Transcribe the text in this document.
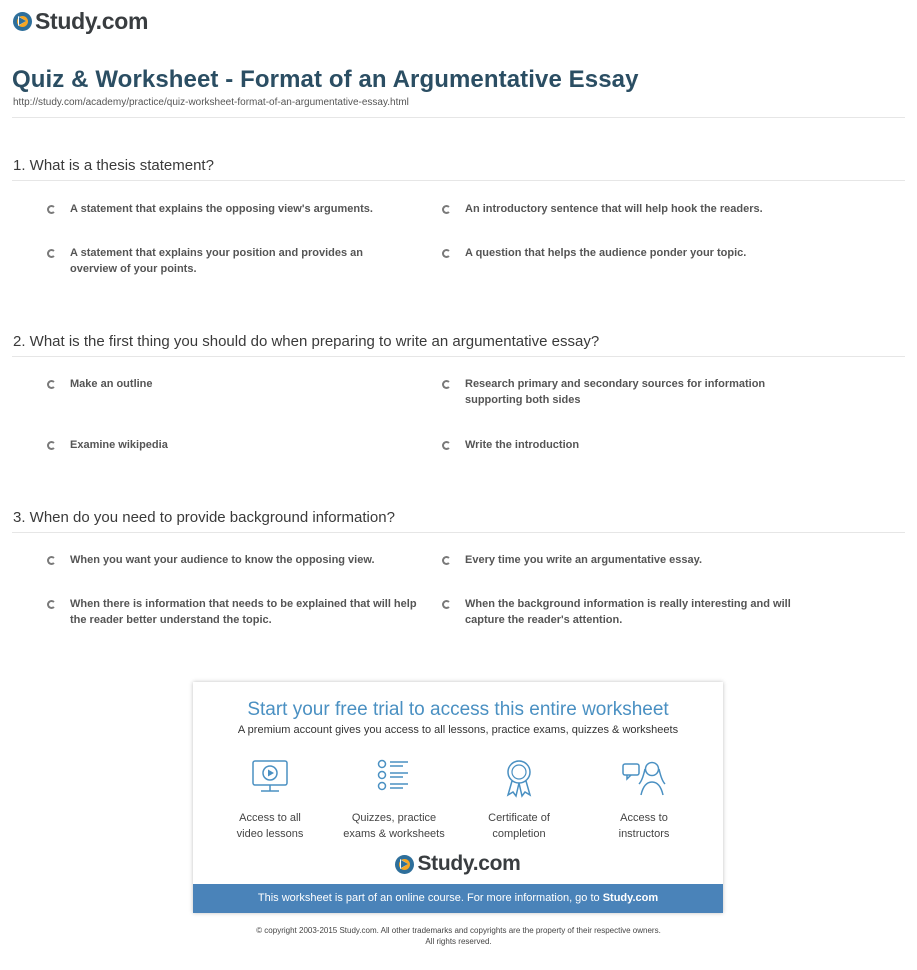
Study.com
Quiz & Worksheet - Format of an Argumentative Essay
http://study.com/academy/practice/quiz-worksheet-format-of-an-argumentative-essay.html
1. What is a thesis statement?
A statement that explains the opposing view's arguments.	An introductory sentence that will help hook the readers.
A statement that explains your position and provides an overview of your points.
A question that helps the audience ponder your topic.
2. What is the first thing you should do when preparing to write an argumentative essay?
Make an outline	Research primary and secondary sources for information supporting both sides
Examine wikipedia	Write the introduction
3. When do you need to provide background information?
When you want your audience to know the opposing view.	Every time you write an argumentative essay.
When there is information that needs to be explained that will help the reader better understand the topic.
When the background information is really interesting and will capture the reader's attention.
Start your free trial to access this entire worksheet
A premium account gives you access to all lessons, practice exams, quizzes & worksheets
Access to all
video lessons
Quizzes, practice
exams & worksheets
Certificate of
completion
Access to
instructors
Study.com
This worksheet is part of an online course. For more information, go to Study.com
© copyright 2003-2015 Study.com. All other trademarks and copyrights are the property of their respective owners.
All rights reserved.
